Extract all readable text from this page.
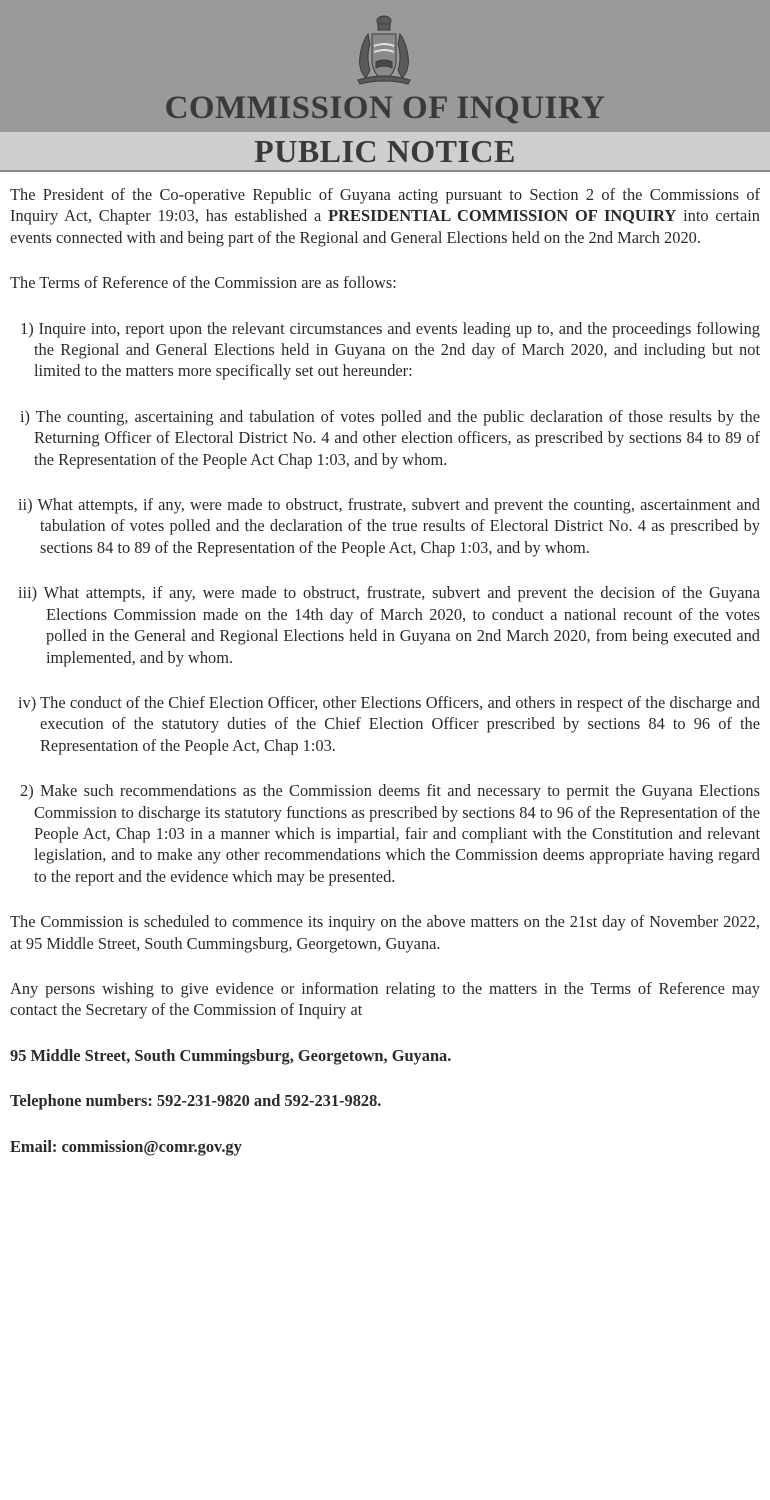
COMMISSION OF INQUIRY
PUBLIC NOTICE

The President of the Co-operative Republic of Guyana acting pursuant to Section 2 of the Commissions of Inquiry Act, Chapter 19:03, has established a PRESIDENTIAL COMMISSION OF INQUIRY into certain events connected with and being part of the Regional and General Elections held on the 2nd March 2020.

The Terms of Reference of the Commission are as follows:

1) Inquire into, report upon the relevant circumstances and events leading up to, and the proceedings following the Regional and General Elections held in Guyana on the 2nd day of March 2020, and including but not limited to the matters more specifically set out hereunder:
i) The counting, ascertaining and tabulation of votes polled and the public declaration of those results by the Returning Officer of Electoral District No. 4 and other election officers, as prescribed by sections 84 to 89 of the Representation of the People Act Chap 1:03, and by whom.
ii) What attempts, if any, were made to obstruct, frustrate, subvert and prevent the counting, ascertainment and tabulation of votes polled and the declaration of the true results of Electoral District No. 4 as prescribed by sections 84 to 89 of the Representation of the People Act, Chap 1:03, and by whom.
iii) What attempts, if any, were made to obstruct, frustrate, subvert and prevent the decision of the Guyana Elections Commission made on the 14th day of March 2020, to conduct a national recount of the votes polled in the General and Regional Elections held in Guyana on 2nd March 2020, from being executed and implemented, and by whom.
iv) The conduct of the Chief Election Officer, other Elections Officers, and others in respect of the discharge and execution of the statutory duties of the Chief Election Officer prescribed by sections 84 to 96 of the Representation of the People Act, Chap 1:03.
2) Make such recommendations as the Commission deems fit and necessary to permit the Guyana Elections Commission to discharge its statutory functions as prescribed by sections 84 to 96 of the Representation of the People Act, Chap 1:03 in a manner which is impartial, fair and compliant with the Constitution and relevant legislation, and to make any other recommendations which the Commission deems appropriate having regard to the report and the evidence which may be presented.

The Commission is scheduled to commence its inquiry on the above matters on the 21st day of November 2022, at 95 Middle Street, South Cummingsburg, Georgetown, Guyana.

Any persons wishing to give evidence or information relating to the matters in the Terms of Reference may contact the Secretary of the Commission of Inquiry at

95 Middle Street, South Cummingsburg, Georgetown, Guyana.

Telephone numbers: 592-231-9820 and 592-231-9828.

Email: commission@comr.gov.gy
